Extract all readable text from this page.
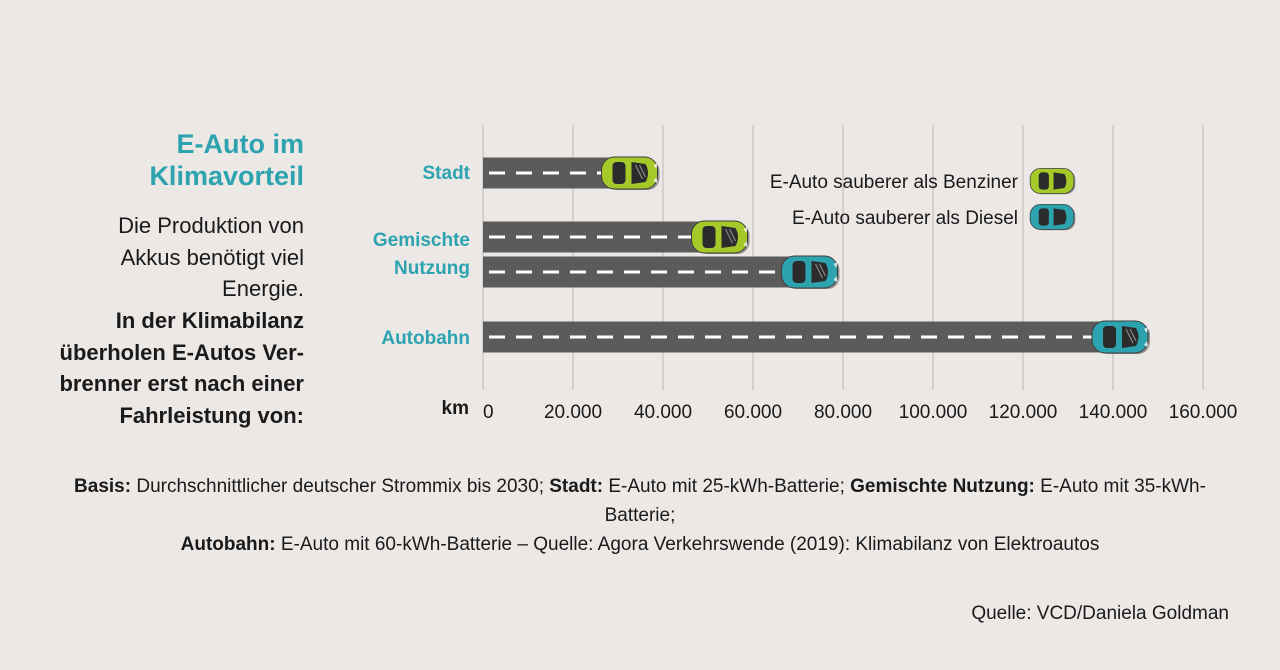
E-Auto im
Klimavorteil
Die Produktion von
Akkus benötigt viel
Energie.
In der Klimabilanz
überholen E-Autos Ver-
brenner erst nach einer
Fahrleistung von:	0	20.000 40.000 60.000 80.000 100.000 120.000 140.000 160.000
km
Stadt
Gemischte
Nutzung
Autobahn
E-Auto sauberer als Benziner
E-Auto sauberer als Diesel
Basis: Durchschnittlicher deutscher Strommix bis 2030; Stadt: E-Auto mit 25-kWh-Batterie; Gemischte Nutzung: E-Auto mit 35-kWh-Batterie;
Autobahn: E-Auto mit 60-kWh-Batterie – Quelle: Agora Verkehrswende (2019): Klimabilanz von Elektroautos
Quelle: VCD/Daniela Goldman
